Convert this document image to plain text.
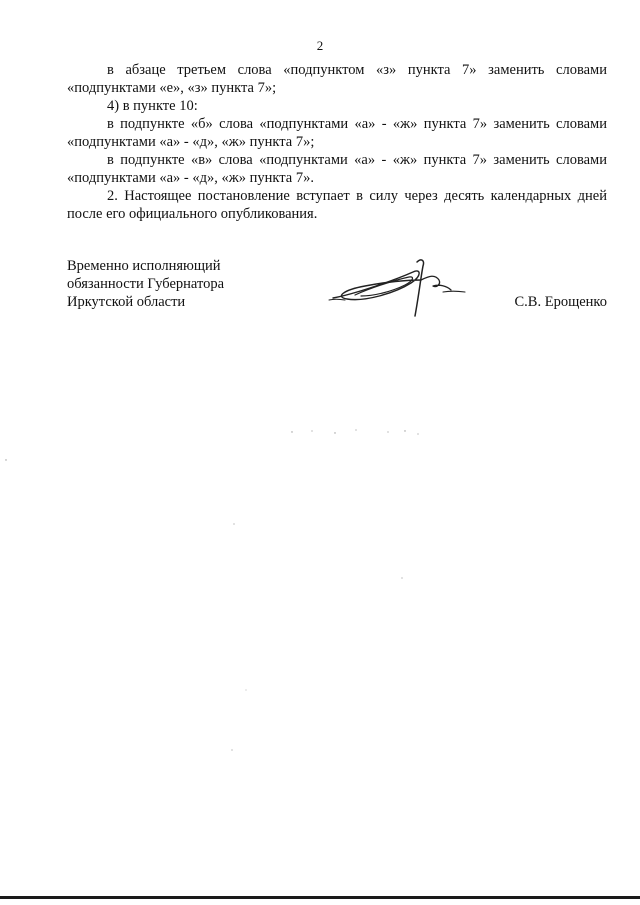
2

в абзаце третьем слова «подпунктом «з» пункта 7» заменить словами «подпунктами «е», «з» пункта 7»;

4) в пункте 10:

в подпункте «б» слова «подпунктами «а» - «ж» пункта 7» заменить словами «подпунктами «а» - «д», «ж» пункта 7»;

в подпункте «в» слова «подпунктами «а» - «ж» пункта 7» заменить словами «подпунктами «а» - «д», «ж» пункта 7».

2. Настоящее постановление вступает в силу через десять календарных дней после его официального опубликования.

Временно исполняющий
обязанности Губернатора
Иркутской области	С.В. Ерощенко
